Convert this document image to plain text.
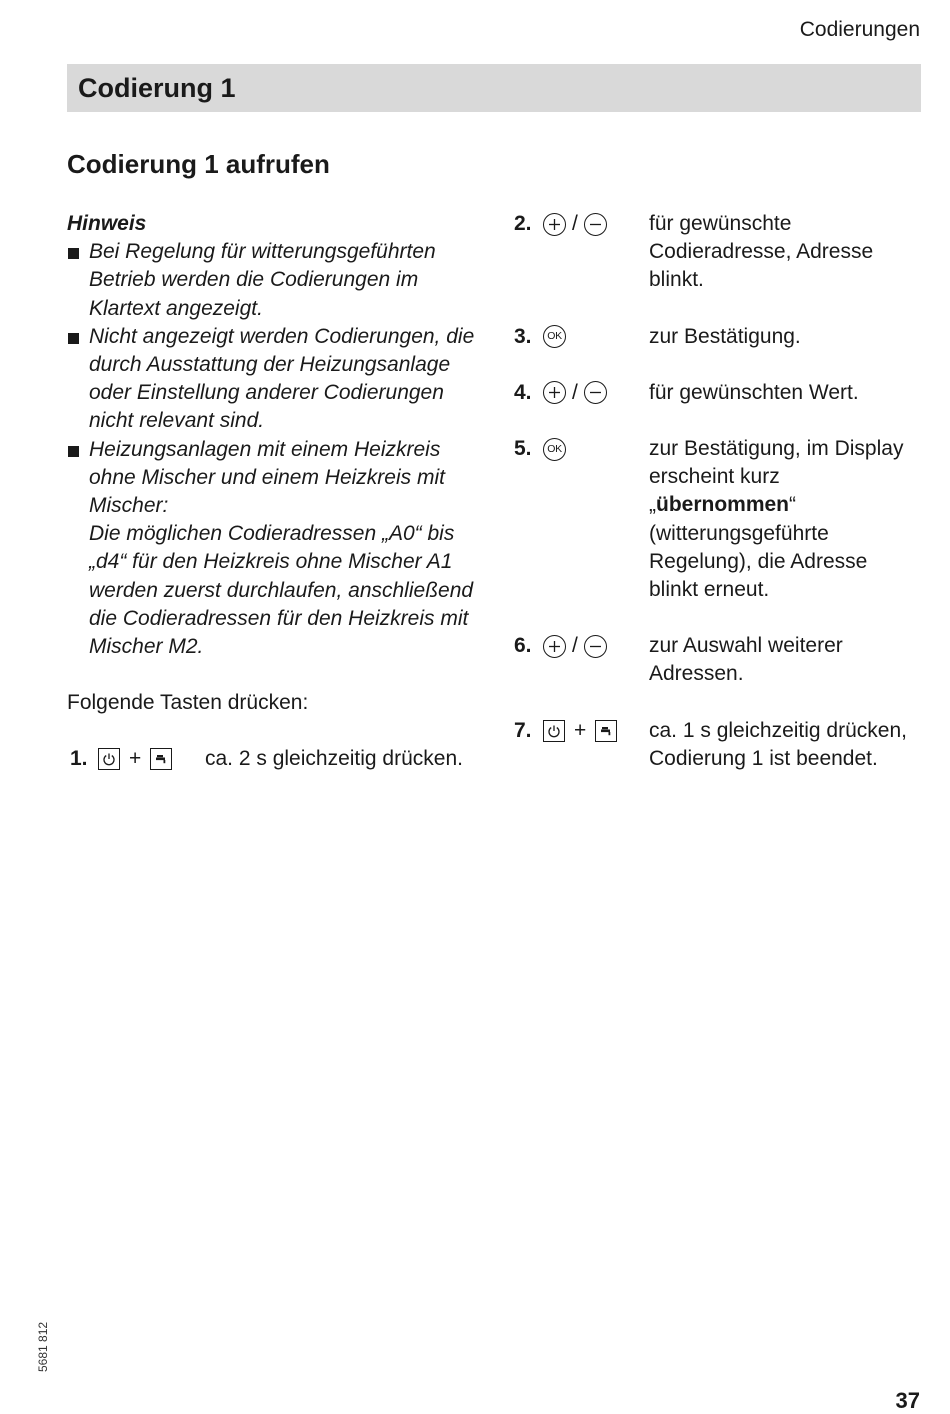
Codierungen
Codierung 1
Codierung 1 aufrufen
Hinweis
Bei Regelung für witterungsgeführten Betrieb werden die Codierungen im Klartext angezeigt.
Nicht angezeigt werden Codierungen, die durch Ausstattung der Heizungsanlage oder Einstellung anderer Codierungen nicht relevant sind.
Heizungsanlagen mit einem Heizkreis ohne Mischer und einem Heizkreis mit Mischer:
Die möglichen Codieradressen „A0“ bis „d4“ für den Heizkreis ohne Mischer A1 werden zuerst durchlaufen, anschließend die Codieradressen für den Heizkreis mit Mischer M2.
Folgende Tasten drücken:
1. +	ca. 2 s gleichzeitig drücken.
2. /	für gewünschte Codieradresse, Adresse blinkt.
3.	OK	zur Bestätigung.
4. /	für gewünschten Wert.
5.	OK	zur Bestätigung, im Display erscheint kurz „übernommen“ (witterungsgeführte Regelung), die Adresse blinkt erneut.
6. /	zur Auswahl weiterer Adressen.
7. +	ca. 1 s gleichzeitig drücken, Codierung 1 ist beendet.
5681 812
37
